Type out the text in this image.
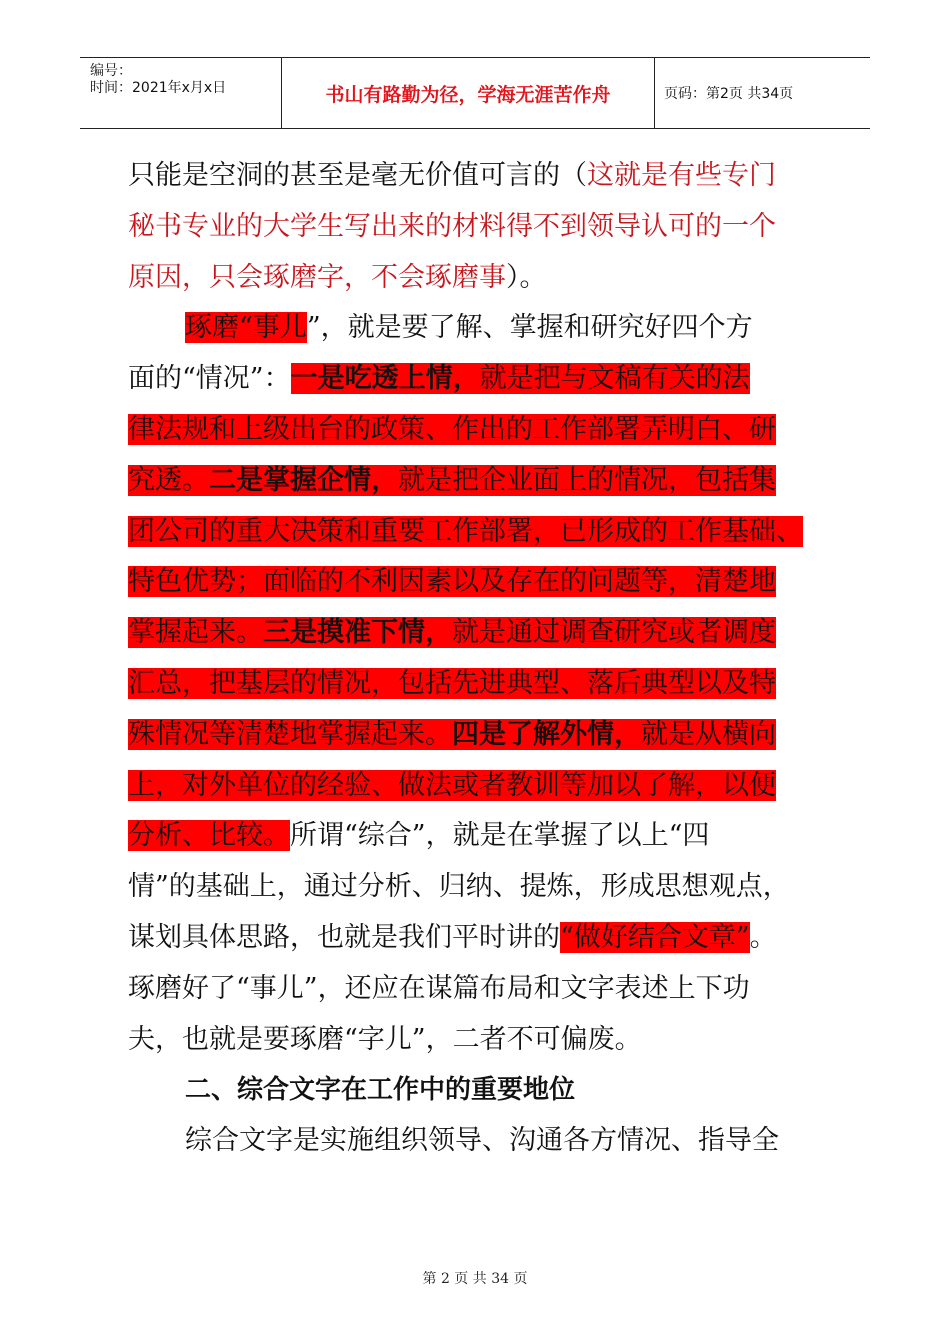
编号：
时间：2021年x月x日	书山有路勤为径，学海无涯苦作舟	页码：第2页 共34页
只能是空洞的甚至是毫无价值可言的（这就是有些专门
秘书专业的大学生写出来的材料得不到领导认可的一个
原因，只会琢磨字，不会琢磨事）。
琢磨“事儿”，就是要了解、掌握和研究好四个方
面的“情况”：一是吃透上情，就是把与文稿有关的法
律法规和上级出台的政策、作出的工作部署弄明白、研
究透。二是掌握企情，就是把企业面上的情况，包括集
团公司的重大决策和重要工作部署，已形成的工作基础、
特色优势；面临的不利因素以及存在的问题等，清楚地
掌握起来。三是摸准下情，就是通过调查研究或者调度
汇总，把基层的情况，包括先进典型、落后典型以及特
殊情况等清楚地掌握起来。四是了解外情，就是从横向
上，对外单位的经验、做法或者教训等加以了解，以便
分析、比较。所谓“综合”，就是在掌握了以上“四
情”的基础上，通过分析、归纳、提炼，形成思想观点，
谋划具体思路，也就是我们平时讲的“做好结合文章”。
琢磨好了“事儿”，还应在谋篇布局和文字表述上下功
夫，也就是要琢磨“字儿”，二者不可偏废。
二、综合文字在工作中的重要地位
综合文字是实施组织领导、沟通各方情况、指导全
第 2 页 共 34 页
